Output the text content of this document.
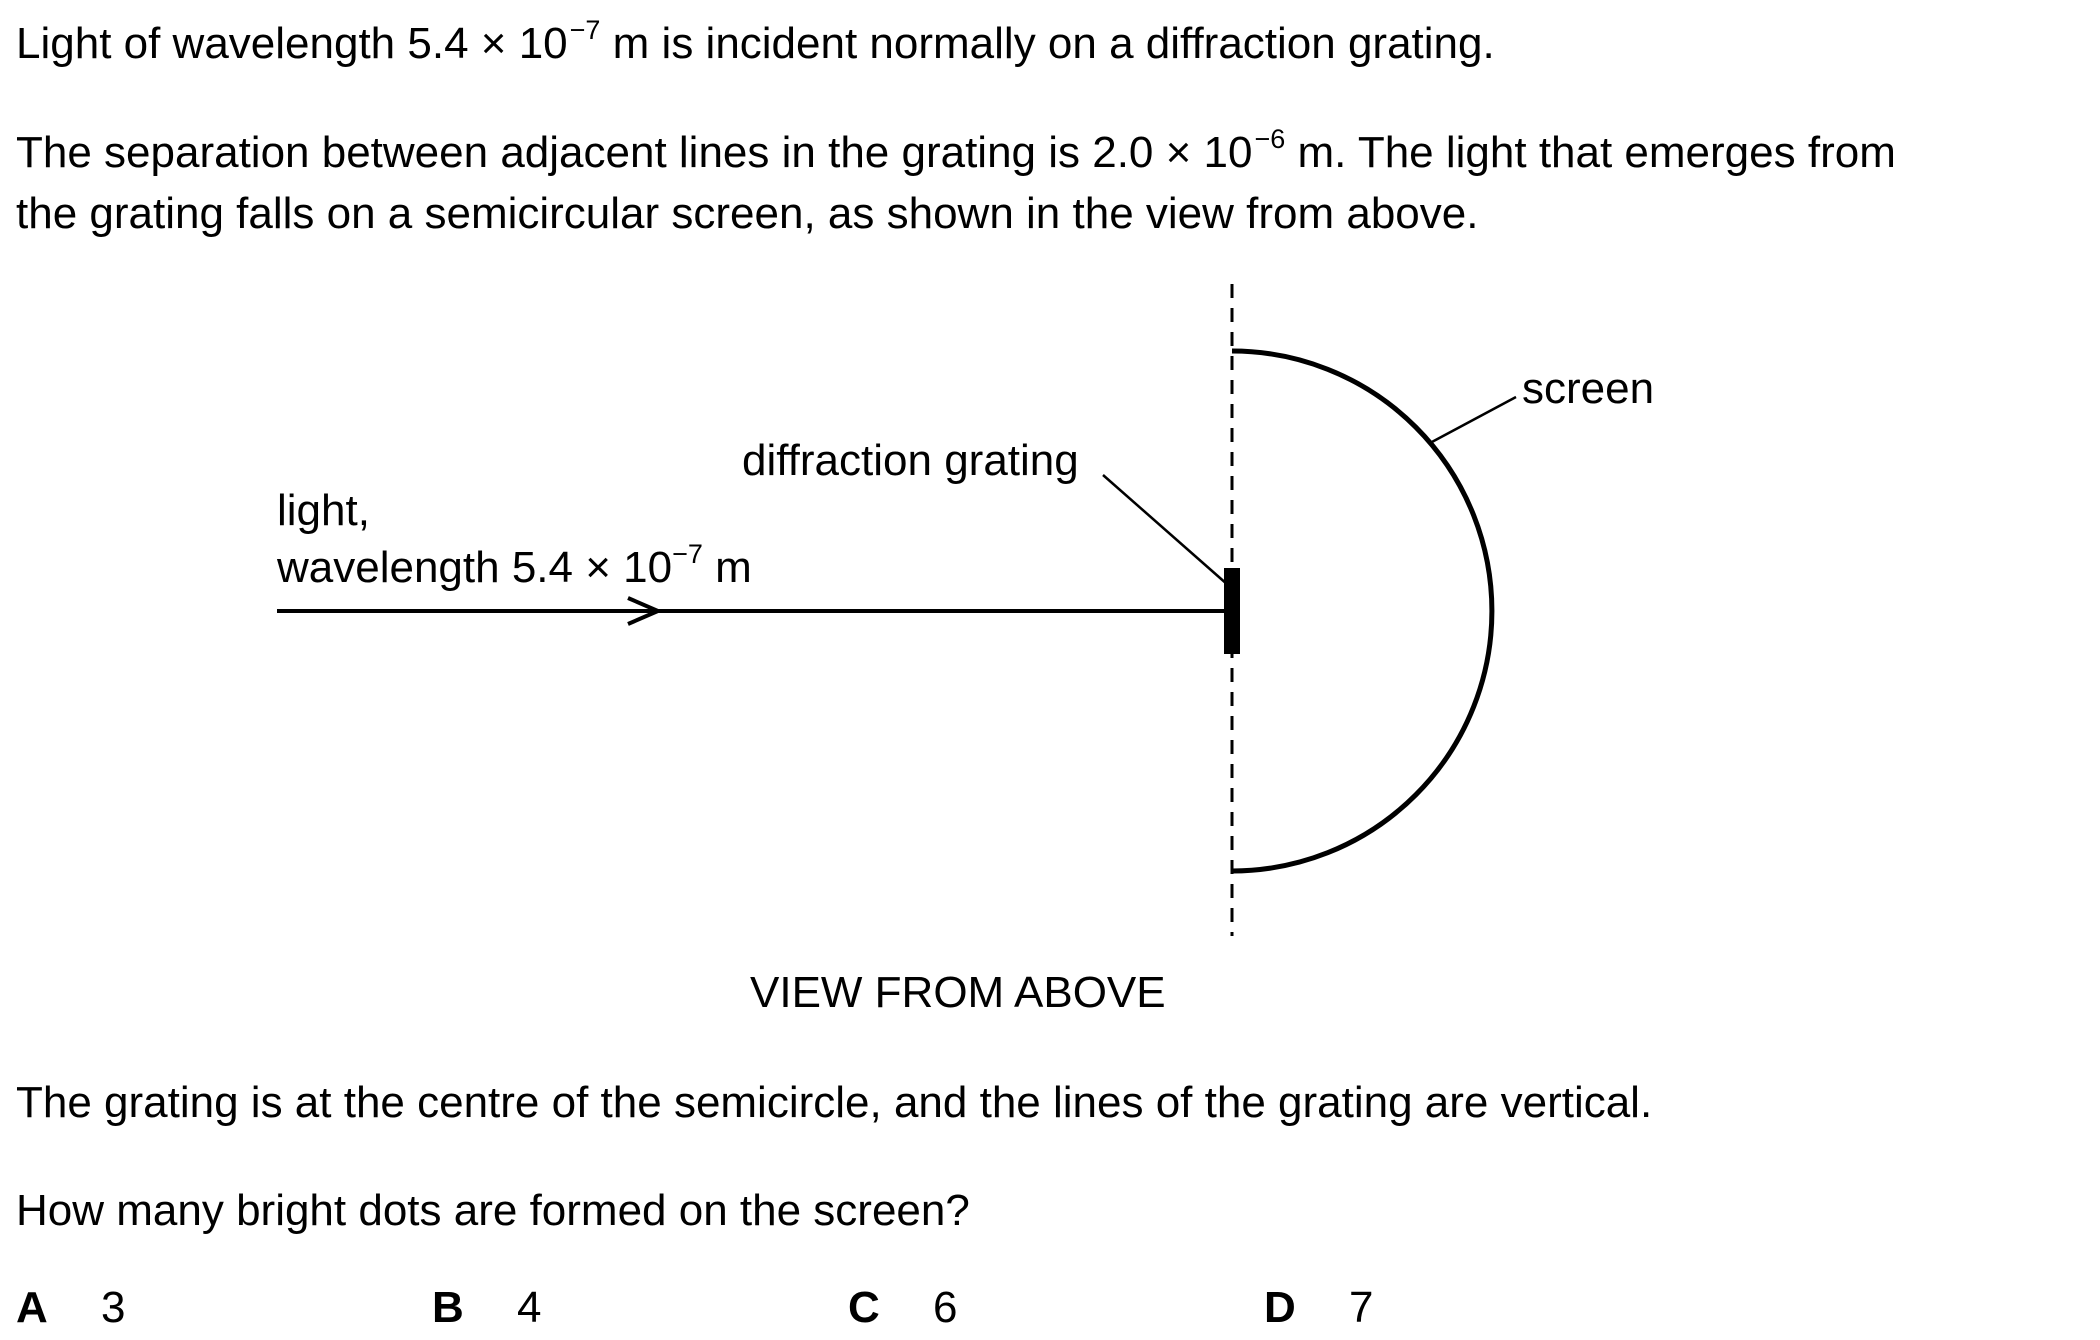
Light of wavelength $5.4 \times 10^{-7}$ m is incident normally on a diffraction grating.
The separation between adjacent lines in the grating is $2.0 \times 10^{-6}$ m. The light that emerges from
the grating falls on a semicircular screen, as shown in the view from above.
screen
diffraction grating
light,
wavelength $5.4 \times 10^{-7}$ m
VIEW FROM ABOVE
The grating is at the centre of the semicircle, and the lines of the grating are vertical.
How many bright dots are formed on the screen?
A 3	B 4	C 6	D 7
